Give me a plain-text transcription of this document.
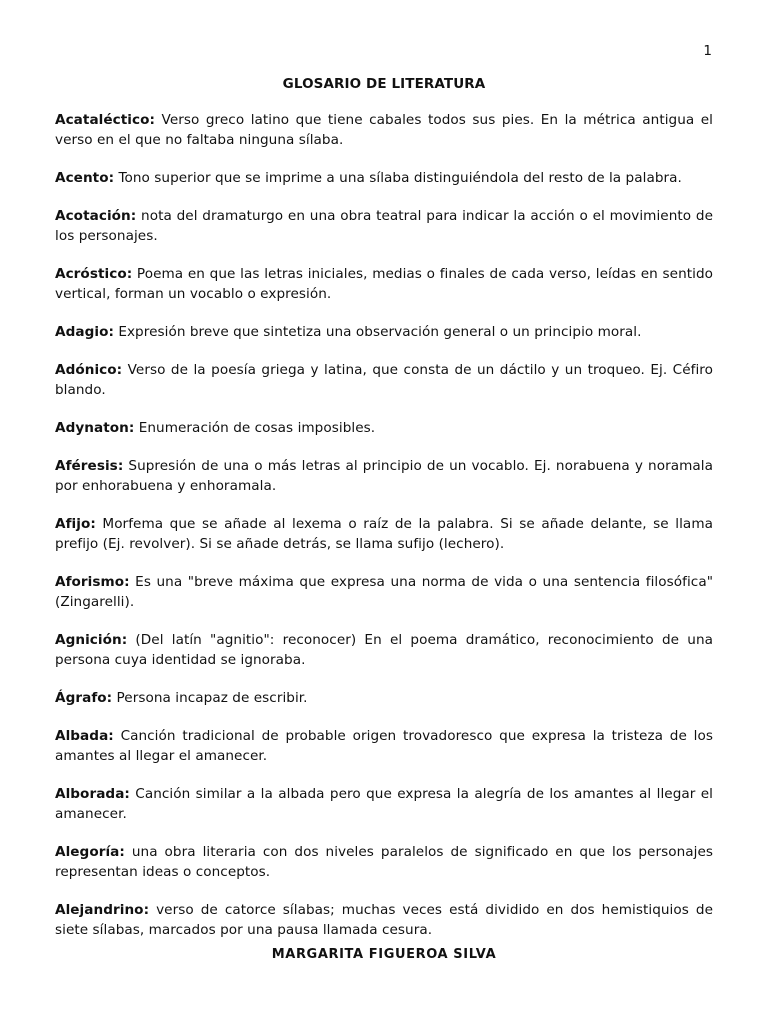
1
GLOSARIO DE LITERATURA

Acataléctico: Verso greco latino que tiene cabales todos sus pies. En la métrica antigua el verso en el que no faltaba ninguna sílaba.

Acento: Tono superior que se imprime a una sílaba distinguiéndola del resto de la palabra.

Acotación: nota del dramaturgo en una obra teatral para indicar la acción o el movimiento de los personajes.

Acróstico: Poema en que las letras iniciales, medias o finales de cada verso, leídas en sentido vertical, forman un vocablo o expresión.

Adagio: Expresión breve que sintetiza una observación general o un principio moral.

Adónico: Verso de la poesía griega y latina, que consta de un dáctilo y un troqueo. Ej. Céfiro blando.

Adynaton: Enumeración de cosas imposibles.

Aféresis: Supresión de una o más letras al principio de un vocablo. Ej. norabuena y noramala por enhorabuena y enhoramala.

Afijo: Morfema que se añade al lexema o raíz de la palabra. Si se añade delante, se llama prefijo (Ej. revolver). Si se añade detrás, se llama sufijo (lechero).

Aforismo: Es una "breve máxima que expresa una norma de vida o una sentencia filosófica"(Zingarelli).

Agnición: (Del latín "agnitio": reconocer) En el poema dramático, reconocimiento de una persona cuya identidad se ignoraba.

Ágrafo: Persona incapaz de escribir.

Albada: Canción tradicional de probable origen trovadoresco que expresa la tristeza de los amantes al llegar el amanecer.

Alborada: Canción similar a la albada pero que expresa la alegría de los amantes al llegar el amanecer.

Alegoría: una obra literaria con dos niveles paralelos de significado en que los personajes representan ideas o conceptos.

Alejandrino: verso de catorce sílabas; muchas veces está dividido en dos hemistiquios de siete sílabas, marcados por una pausa llamada cesura.

MARGARITA FIGUEROA SILVA
